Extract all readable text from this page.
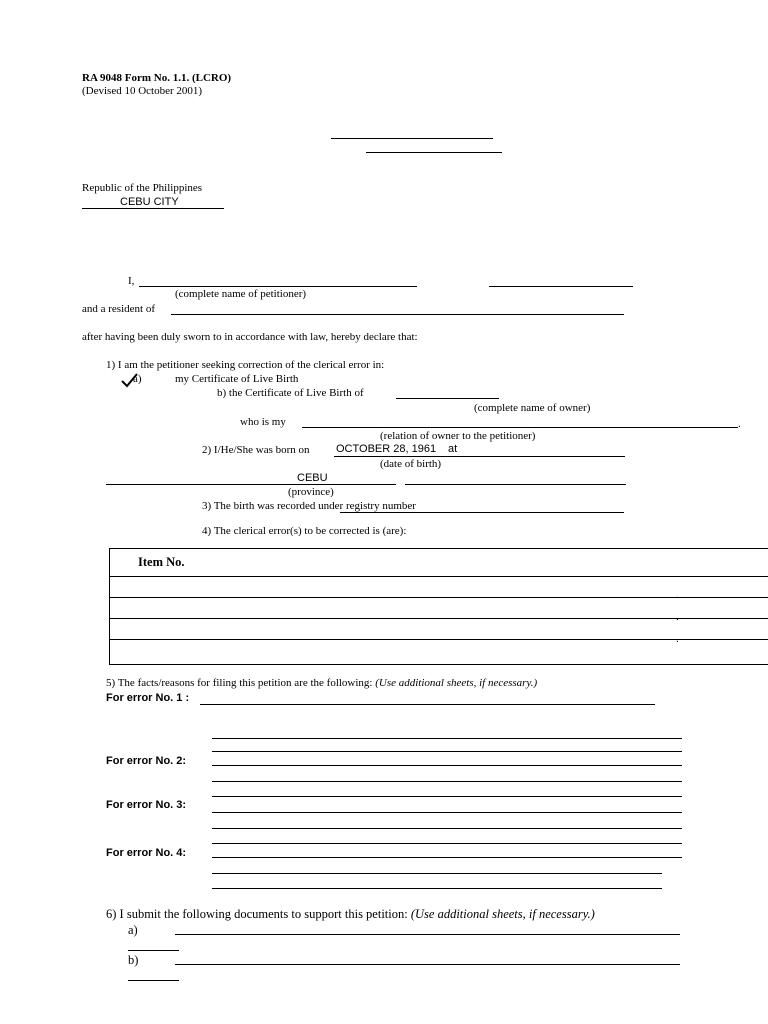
RA 9048 Form No. 1.1. (LCRO)
(Devised 10 October 2001)
Republic of the Philippines
CEBU CITY
I,
(complete name of petitioner)
and a resident of
after having been duly sworn to in accordance with law, hereby declare that:
1) I am the petitioner seeking correction of the clerical error in:
a)	my Certificate of Live Birth
b) the Certificate of Live Birth of
(complete name of owner)
who is my	.
(relation of owner to the petitioner)
2) I/He/She was born on OCTOBER 28, 1961 at
(date of birth)
CEBU
(province)
3) The birth was recorded under registry number
4) The clerical error(s) to be corrected is (are):
Item No.
.
.
.
5) The facts/reasons for filing this petition are the following: (Use additional sheets, if necessary.)
For error No. 1 :
For error No. 2:
For error No. 3:
For error No. 4:
6) I submit the following documents to support this petition: (Use additional sheets, if necessary.)
a)
b)
